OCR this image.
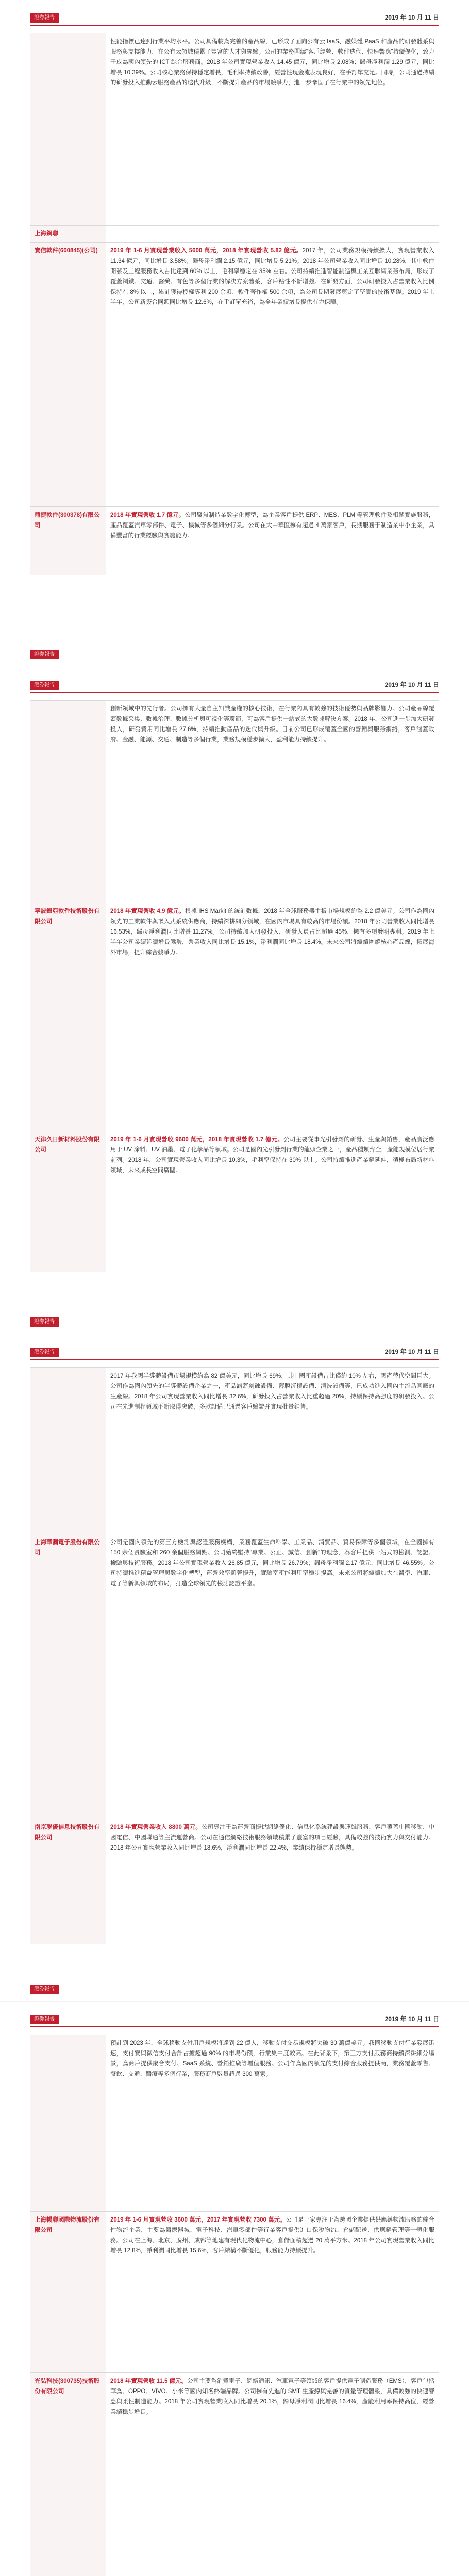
證券報告	2019 年 10 月 11 日
	性能指標已達到行業平均水平。公司具備較為完善的產品線，已形成了面向公有云 IaaS、融媒體 PaaS 和產品的研發體系與服務與支撐能力，在公有云領域積累了豐富的人才與經驗。公司的業務圍繞“客戶經營、軟件迭代、快速響應”持續優化，致力于成為國內領先的 ICT 綜合服務商。2018 年公司實現營業收入 14.45 億元，同比增長 2.08%；歸母凈利潤 1.29 億元，同比增長 10.39%。公司核心業務保持穩定增長，毛利率持續改善，經營性現金流表現良好，在手訂單充足。同時，公司通過持續的研發投入推動云服務產品的迭代升級，不斷提升產品的市場競爭力，進一步鞏固了在行業中的領先地位。
上海鋼聯	
寶信軟件(600845)(公司)	2019 年 1-6 月實現營業收入 5600 萬元，2018 年實現營收 5.82 億元。2017 年，公司業務規模持續擴大，實現營業收入 11.34 億元，同比增長 3.58%；歸母凈利潤 2.15 億元，同比增長 5.21%。2018 年公司營業收入同比增長 10.28%，其中軟件開發及工程服務收入占比達到 60% 以上，毛利率穩定在 35% 左右。公司持續推進智能制造與工業互聯網業務布局，形成了覆蓋鋼鐵、交通、醫藥、有色等多個行業的解決方案體系，客戶粘性不斷增強。在研發方面，公司研發投入占營業收入比例保持在 8% 以上，累計獲得授權專利 200 余項、軟件著作權 500 余項，為公司長期發展奠定了堅實的技術基礎。2019 年上半年，公司新簽合同額同比增長 12.6%，在手訂單充裕，為全年業績增長提供有力保障。
鼎捷軟件(300378)有限公司	2018 年實現營收 1.7 億元。公司聚焦制造業數字化轉型，為企業客戶提供 ERP、MES、PLM 等管理軟件及相關實施服務，產品覆蓋汽車零部件、電子、機械等多個細分行業。公司在大中華區擁有超過 4 萬家客戶，長期服務于制造業中小企業，具備豐富的行業經驗與實施能力。
證券報告
證券報告	2019 年 10 月 11 日
	創新領域中的先行者。公司擁有大量自主知識產權的核心技術，在行業內具有較強的技術優勢與品牌影響力。公司產品線覆蓋數據采集、數據治理、數據分析與可視化等環節，可為客戶提供一站式的大數據解決方案。2018 年，公司進一步加大研發投入，研發費用同比增長 27.6%，持續推動產品的迭代與升級。目前公司已形成覆蓋全國的營銷與服務網絡，客戶涵蓋政府、金融、能源、交通、制造等多個行業，業務規模穩步擴大，盈利能力持續提升。
寧波銀亞軟件技術股份有限公司	2018 年實現營收 4.9 億元。根據 IHS Markit 的統計數據，2018 年全球服務器主板市場規模約為 2.2 億美元。公司作為國內領先的工業軟件與嵌入式系統供應商，持續深耕細分領域，在國內市場具有較高的市場份額。2018 年公司營業收入同比增長 16.53%，歸母凈利潤同比增長 11.27%。公司持續加大研發投入，研發人員占比超過 45%，擁有多項發明專利。2019 年上半年公司業績延續增長態勢，營業收入同比增長 15.1%，凈利潤同比增長 18.4%。未來公司將繼續圍繞核心產品線，拓展海外市場，提升綜合競爭力。
天津久日新材料股份有限公司	2019 年 1-6 月實現營收 9600 萬元，2018 年實現營收 1.7 億元。公司主要從事光引發劑的研發、生產與銷售，產品廣泛應用于 UV 涂料、UV 油墨、電子化學品等領域。公司是國內光引發劑行業的龍頭企業之一，產品種類齊全，產能規模位居行業前列。2018 年，公司實現營業收入同比增長 10.3%，毛利率保持在 30% 以上。公司持續推進產業鏈延伸，積極布局新材料領域，未來成長空間廣闊。
證券報告
證券報告	2019 年 10 月 11 日
	2017 年我國半導體設備市場規模約為 82 億美元，同比增長 69%，其中國產設備占比僅約 10% 左右，國產替代空間巨大。公司作為國內領先的半導體設備企業之一，產品涵蓋刻蝕設備、薄膜沉積設備、清洗設備等，已成功進入國內主流晶圓廠的生產線。2018 年公司實現營業收入同比增長 32.6%，研發投入占營業收入比重超過 20%，持續保持高強度的研發投入。公司在先進制程領域不斷取得突破，多款設備已通過客戶驗證并實現批量銷售。
上海華測電子股份有限公司	公司是國內領先的第三方檢測與認證服務機構，業務覆蓋生命科學、工業品、消費品、貿易保障等多個領域，在全國擁有 150 余個實驗室和 260 余個服務網點。公司始終堅持“專業、公正、誠信、創新”的理念，為客戶提供一站式的檢測、認證、檢驗與技術服務。2018 年公司實現營業收入 26.85 億元，同比增長 26.79%；歸母凈利潤 2.17 億元，同比增長 46.55%。公司持續推進精益管理與數字化轉型，運營效率顯著提升，實驗室產能利用率穩步提高。未來公司將繼續加大在醫學、汽車、電子等新興領域的布局，打造全球領先的檢測認證平臺。
南京聯優信息技術股份有限公司	2018 年實現營業收入 8800 萬元。公司專注于為運營商提供網絡優化、信息化系統建設與運維服務，客戶覆蓋中國移動、中國電信、中國聯通等主流運營商。公司在通信網絡技術服務領域積累了豐富的項目經驗，具備較強的技術實力與交付能力。2018 年公司實現營業收入同比增長 18.6%，凈利潤同比增長 22.4%，業績保持穩定增長態勢。
證券報告
證券報告	2019 年 10 月 11 日
	預計到 2023 年，全球移動支付用戶規模將達到 22 億人，移動支付交易規模將突破 30 萬億美元。我國移動支付行業發展迅速，支付寶與微信支付合計占據超過 90% 的市場份額，行業集中度較高。在此背景下，第三方支付服務商持續深耕細分場景，為商戶提供聚合支付、SaaS 系統、營銷推廣等增值服務。公司作為國內領先的支付綜合服務提供商，業務覆蓋零售、餐飲、交通、醫療等多個行業，服務商戶數量超過 300 萬家。
上海暢聯國際物流股份有限公司	2019 年 1-6 月實現營收 3600 萬元，2017 年實現營收 7300 萬元。公司是一家專注于為跨國企業提供供應鏈物流服務的綜合性物流企業，主要為醫療器械、電子科技、汽車零部件等行業客戶提供進口保稅物流、倉儲配送、供應鏈管理等一體化服務。公司在上海、北京、廣州、成都等地建有現代化物流中心，倉儲面積超過 20 萬平方米。2018 年公司實現營業收入同比增長 12.8%，凈利潤同比增長 15.6%，客戶結構不斷優化，服務能力持續提升。
光弘科技(300735)技術股份有限公司	2018 年實現營收 11.5 億元。公司主要為消費電子、網絡通訊、汽車電子等領域的客戶提供電子制造服務（EMS），客戶包括華為、OPPO、VIVO、小米等國內知名終端品牌。公司擁有先進的 SMT 生產線與完善的質量管理體系，具備較強的快速響應與柔性制造能力。2018 年公司實現營業收入同比增長 20.1%，歸母凈利潤同比增長 16.4%，產能利用率保持高位，經營業績穩步增長。
